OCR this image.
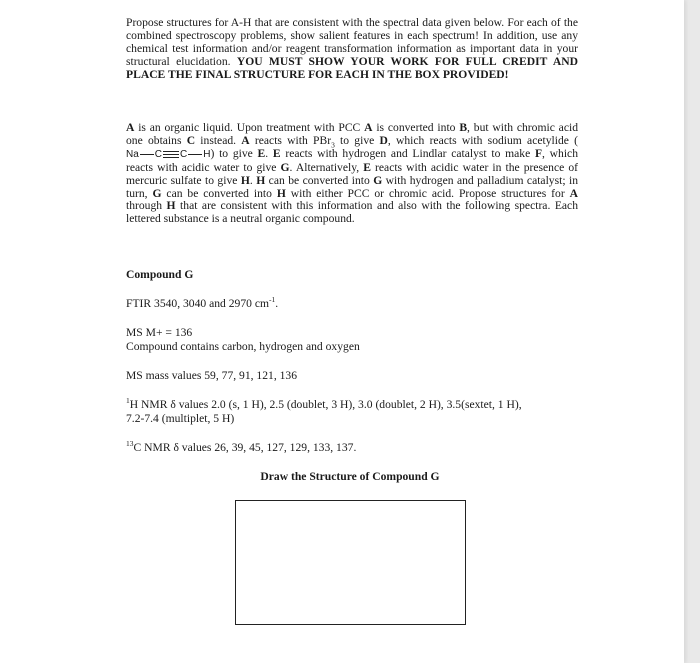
Propose structures for A-H that are consistent with the spectral data given below. For each of the combined spectroscopy problems, show salient features in each spectrum! In addition, use any chemical test information and/or reagent transformation information as important data in your structural elucidation. YOU MUST SHOW YOUR WORK FOR FULL CREDIT AND PLACE THE FINAL STRUCTURE FOR EACH IN THE BOX PROVIDED!
A is an organic liquid. Upon treatment with PCC A is converted into B, but with chromic acid one obtains C instead. A reacts with PBr$_3$ to give D, which reacts with sodium acetylide (Na C C H) to give E. E reacts with hydrogen and Lindlar catalyst to make F, which reacts with acidic water to give G. Alternatively, E reacts with acidic water in the presence of mercuric sulfate to give H. H can be converted into G with hydrogen and palladium catalyst; in turn, G can be converted into H with either PCC or chromic acid. Propose structures for A through H that are consistent with this information and also with the following spectra. Each lettered substance is a neutral organic compound.
Compound G
FTIR 3540, 3040 and 2970 $cm^{-1}$.
MS M+ = 136
Compound contains carbon, hydrogen and oxygen
MS mass values 59, 77, 91, 121, 136
$^1$H NMR δ values 2.0 (s, 1 H), 2.5 (doublet, 3 H), 3.0 (doublet, 2 H), 3.5(sextet, 1 H),
7.2-7.4 (multiplet, 5 H)
$^{13}$C NMR δ values 26, 39, 45, 127, 129, 133, 137.
Draw the Structure of Compound G
